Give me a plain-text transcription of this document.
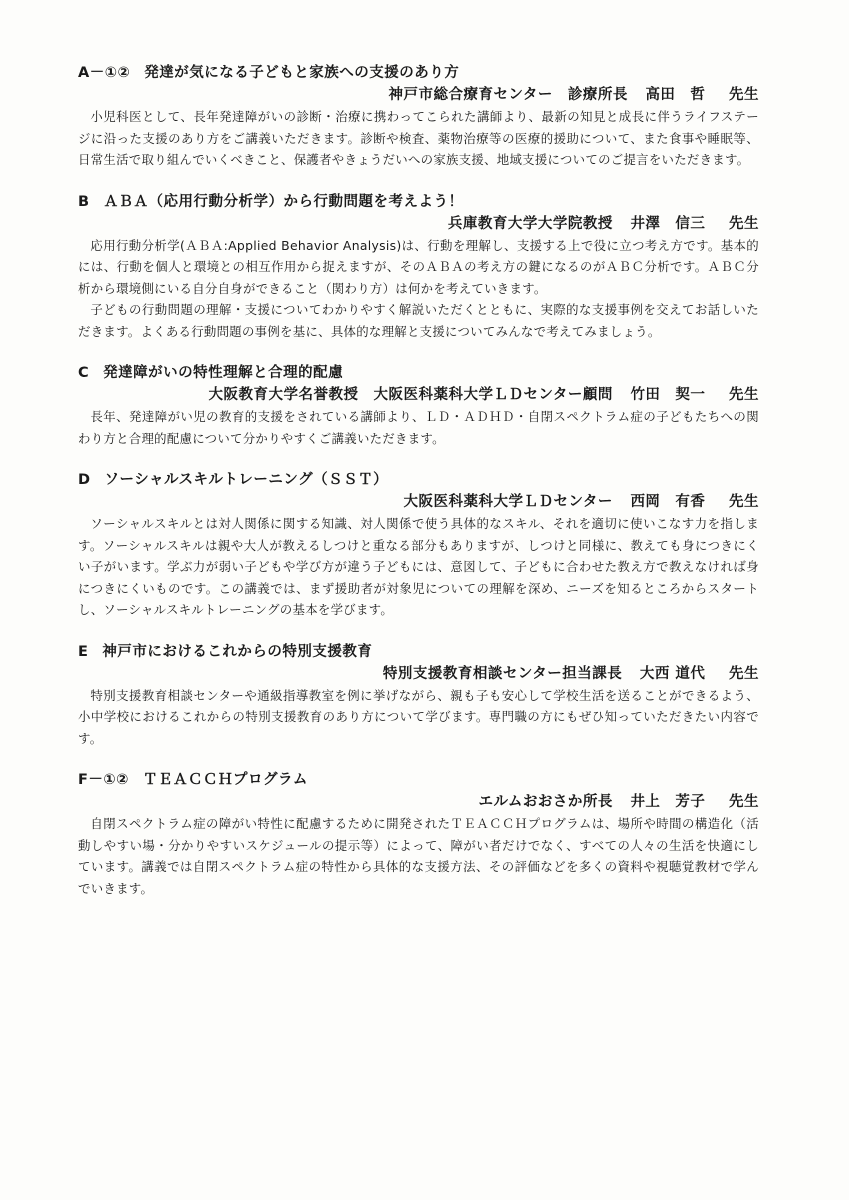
A－①② 発達が気になる子どもと家族への支援のあり方
神戸市総合療育センター　診療所長 高田　哲 先生

小児科医として、長年発達障がいの診断・治療に携わってこられた講師より、最新の知見と成長に伴うライフステージに沿った支援のあり方をご講義いただきます。診断や検査、薬物治療等の医療的援助について、また食事や睡眠等、日常生活で取り組んでいくべきこと、保護者やきょうだいへの家族支援、地域支援についてのご提言をいただきます。

B ＡＢＡ（応用行動分析学）から行動問題を考えよう！
兵庫教育大学大学院教授 井澤　信三 先生

応用行動分析学(ＡＢＡ:Applied Behavior Analysis)は、行動を理解し、支援する上で役に立つ考え方です。基本的には、行動を個人と環境との相互作用から捉えますが、そのＡＢＡの考え方の鍵になるのがＡＢＣ分析です。ＡＢＣ分析から環境側にいる自分自身ができること（関わり方）は何かを考えていきます。

子どもの行動問題の理解・支援についてわかりやすく解説いただくとともに、実際的な支援事例を交えてお話しいただきます。よくある行動問題の事例を基に、具体的な理解と支援についてみんなで考えてみましょう。

C 発達障がいの特性理解と合理的配慮
大阪教育大学名誉教授　大阪医科薬科大学ＬＤセンター顧問 竹田　契一 先生

長年、発達障がい児の教育的支援をされている講師より、ＬＤ・ＡＤＨＤ・自閉スペクトラム症の子どもたちへの関わり方と合理的配慮について分かりやすくご講義いただきます。

D ソーシャルスキルトレーニング（ＳＳＴ）
大阪医科薬科大学ＬＤセンター 西岡　有香 先生

ソーシャルスキルとは対人関係に関する知識、対人関係で使う具体的なスキル、それを適切に使いこなす力を指します。ソーシャルスキルは親や大人が教えるしつけと重なる部分もありますが、しつけと同様に、教えても身につきにくい子がいます。学ぶ力が弱い子どもや学び方が違う子どもには、意図して、子どもに合わせた教え方で教えなければ身につきにくいものです。この講義では、まず援助者が対象児についての理解を深め、ニーズを知るところからスタートし、ソーシャルスキルトレーニングの基本を学びます。

E 神戸市におけるこれからの特別支援教育
特別支援教育相談センター担当課長 大西 道代 先生

特別支援教育相談センターや通級指導教室を例に挙げながら、親も子も安心して学校生活を送ることができるよう、小中学校におけるこれからの特別支援教育のあり方について学びます。専門職の方にもぜひ知っていただきたい内容です。

F－①② ＴＥＡＣＣＨプログラム
エルムおおさか所長 井上　芳子 先生

自閉スペクトラム症の障がい特性に配慮するために開発されたＴＥＡＣＣＨプログラムは、場所や時間の構造化（活動しやすい場・分かりやすいスケジュールの提示等）によって、障がい者だけでなく、すべての人々の生活を快適にしています。講義では自閉スペクトラム症の特性から具体的な支援方法、その評価などを多くの資料や視聴覚教材で学んでいきます。
